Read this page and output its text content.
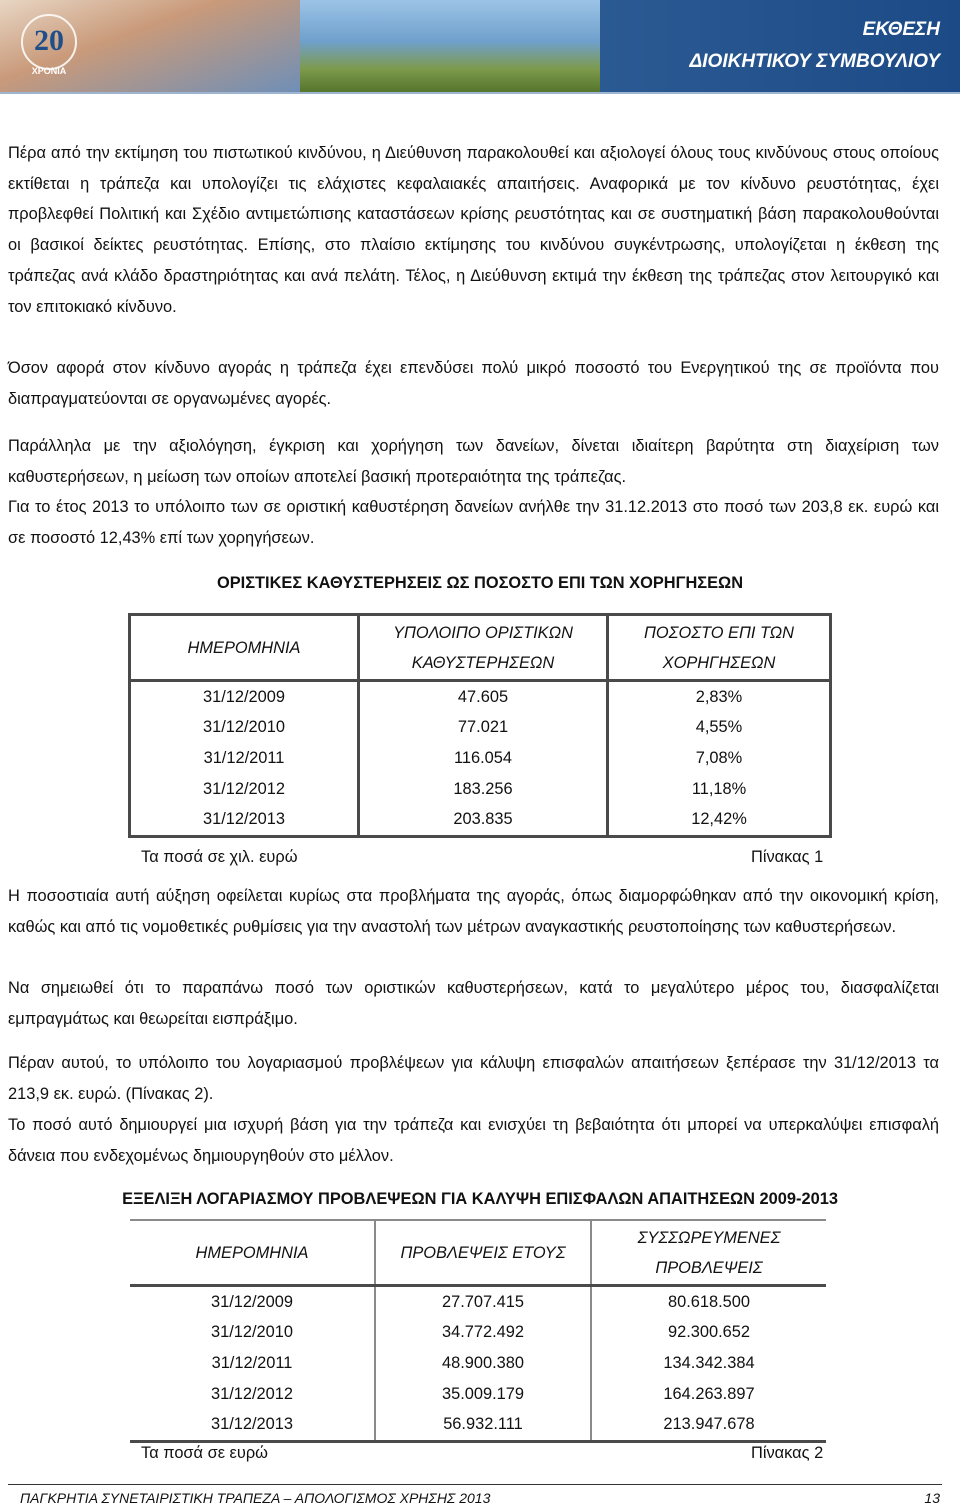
20
ΧΡΟΝΙΑ
ΕΚΘΕΣΗ
ΔΙΟΙΚΗΤΙΚΟΥ ΣΥΜΒΟΥΛΙΟΥ

Πέρα από την εκτίμηση του πιστωτικού κινδύνου, η Διεύθυνση παρακολουθεί και αξιολογεί όλους τους κινδύνους στους οποίους εκτίθεται η τράπεζα και υπολογίζει τις ελάχιστες κεφαλαιακές απαιτήσεις. Αναφορικά με τον κίνδυνο ρευστότητας, έχει προβλεφθεί Πολιτική και Σχέδιο αντιμετώπισης καταστάσεων κρίσης ρευστότητας και σε συστηματική βάση παρακολουθούνται οι βασικοί δείκτες ρευστότητας. Επίσης, στο πλαίσιο εκτίμησης του κινδύνου συγκέντρωσης, υπολογίζεται η έκθεση της τράπεζας ανά κλάδο δραστηριότητας και ανά πελάτη. Τέλος, η Διεύθυνση εκτιμά την έκθεση της τράπεζας στον λειτουργικό και τον επιτοκιακό κίνδυνο.

Όσον αφορά στον κίνδυνο αγοράς η τράπεζα έχει επενδύσει πολύ μικρό ποσοστό του Ενεργητικού της σε προϊόντα που διαπραγματεύονται σε οργανωμένες αγορές.

Παράλληλα με την αξιολόγηση, έγκριση και χορήγηση των δανείων, δίνεται ιδιαίτερη βαρύτητα στη διαχείριση των καθυστερήσεων, η μείωση των οποίων αποτελεί βασική προτεραιότητα της τράπεζας.

Για το έτος 2013 το υπόλοιπο των σε οριστική καθυστέρηση δανείων ανήλθε την 31.12.2013 στο ποσό των 203,8 εκ. ευρώ και σε ποσοστό 12,43% επί των χορηγήσεων.

ΟΡΙΣΤΙΚΕΣ ΚΑΘΥΣΤΕΡΗΣΕΙΣ ΩΣ ΠΟΣΟΣΤΟ ΕΠΙ ΤΩΝ ΧΟΡΗΓΗΣΕΩΝ

ΗΜΕΡΟΜΗΝΙΑ	ΥΠΟΛΟΙΠΟ ΟΡΙΣΤΙΚΩΝ ΚΑΘΥΣΤΕΡΗΣΕΩΝ	ΠΟΣΟΣΤΟ ΕΠΙ ΤΩΝ ΧΟΡΗΓΗΣΕΩΝ
31/12/2009	47.605	2,83%
31/12/2010	77.021	4,55%
31/12/2011	116.054	7,08%
31/12/2012	183.256	11,18%
31/12/2013	203.835	12,42%
Τα ποσά σε χιλ. ευρώ	Πίνακας 1

Η ποσοστιαία αυτή αύξηση οφείλεται κυρίως στα προβλήματα της αγοράς, όπως διαμορφώθηκαν από την οικονομική κρίση, καθώς και από τις νομοθετικές ρυθμίσεις για την αναστολή των μέτρων αναγκαστικής ρευστοποίησης των καθυστερήσεων.

Να σημειωθεί ότι το παραπάνω ποσό των οριστικών καθυστερήσεων, κατά το μεγαλύτερο μέρος του, διασφαλίζεται εμπραγμάτως και θεωρείται εισπράξιμο.

Πέραν αυτού, το υπόλοιπο του λογαριασμού προβλέψεων για κάλυψη επισφαλών απαιτήσεων ξεπέρασε την 31/12/2013 τα 213,9 εκ. ευρώ. (Πίνακας 2).

Το ποσό αυτό δημιουργεί μια ισχυρή βάση για την τράπεζα και ενισχύει τη βεβαιότητα ότι μπορεί να υπερκαλύψει επισφαλή δάνεια που ενδεχομένως δημιουργηθούν στο μέλλον.

ΕΞΕΛΙΞΗ ΛΟΓΑΡΙΑΣΜΟΥ ΠΡΟΒΛΕΨΕΩΝ ΓΙΑ ΚΑΛΥΨΗ ΕΠΙΣΦΑΛΩΝ ΑΠΑΙΤΗΣΕΩΝ 2009-2013

ΗΜΕΡΟΜΗΝΙΑ	ΠΡΟΒΛΕΨΕΙΣ ΕΤΟΥΣ	ΣΥΣΣΩΡΕΥΜΕΝΕΣ ΠΡΟΒΛΕΨΕΙΣ
31/12/2009	27.707.415	80.618.500
31/12/2010	34.772.492	92.300.652
31/12/2011	48.900.380	134.342.384
31/12/2012	35.009.179	164.263.897
31/12/2013	56.932.111	213.947.678
Τα ποσά σε ευρώ	Πίνακας 2
ΠΑΓΚΡΗΤΙΑ ΣΥΝΕΤΑΙΡΙΣΤΙΚΗ ΤΡΑΠΕΖΑ – ΑΠΟΛΟΓΙΣΜΟΣ ΧΡΗΣΗΣ 2013	13
